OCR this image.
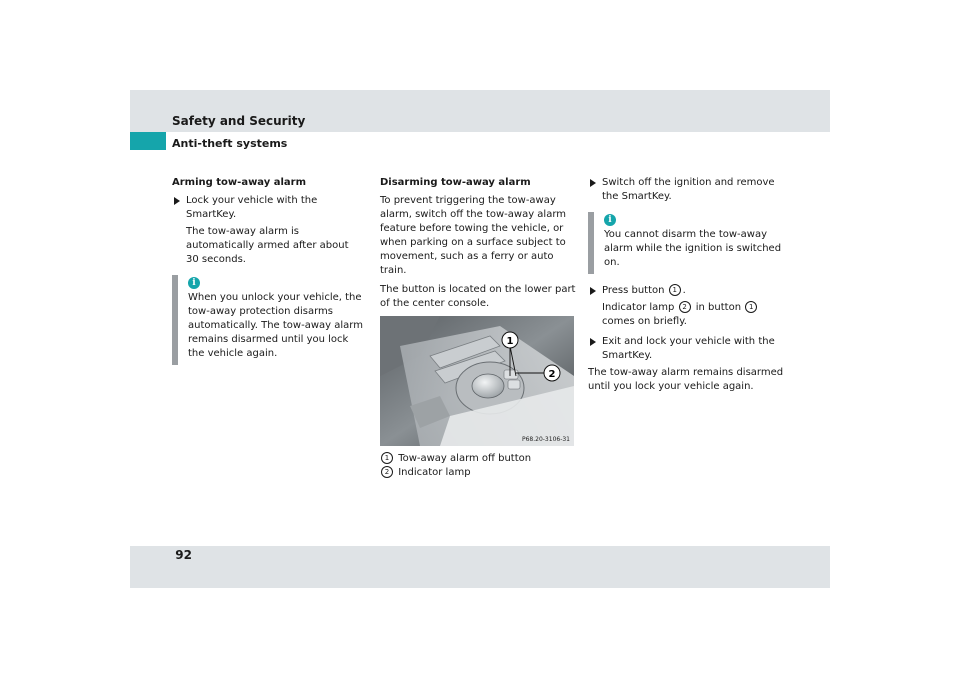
Safety and Security
Anti-theft systems
Arming tow-away alarm
Lock your vehicle with the SmartKey.
The tow-away alarm is automatically armed after about 30 seconds.
i
When you unlock your vehicle, the tow-away protection disarms automatically. The tow-away alarm remains disarmed until you lock the vehicle again.
Disarming tow-away alarm

To prevent triggering the tow-away alarm, switch off the tow-away alarm feature before towing the vehicle, or when parking on a surface subject to movement, such as a ferry or auto train.

The button is located on the lower part of the center console.

1
2
P68.20-3106-31
1 Tow-away alarm off button
2 Indicator lamp
Switch off the ignition and remove the SmartKey.
i
You cannot disarm the tow-away alarm while the ignition is switched on.
Press button 1 .
Indicator lamp 2 in button 1 comes on briefly.
Exit and lock your vehicle with the SmartKey.

The tow-away alarm remains disarmed until you lock your vehicle again.

92
